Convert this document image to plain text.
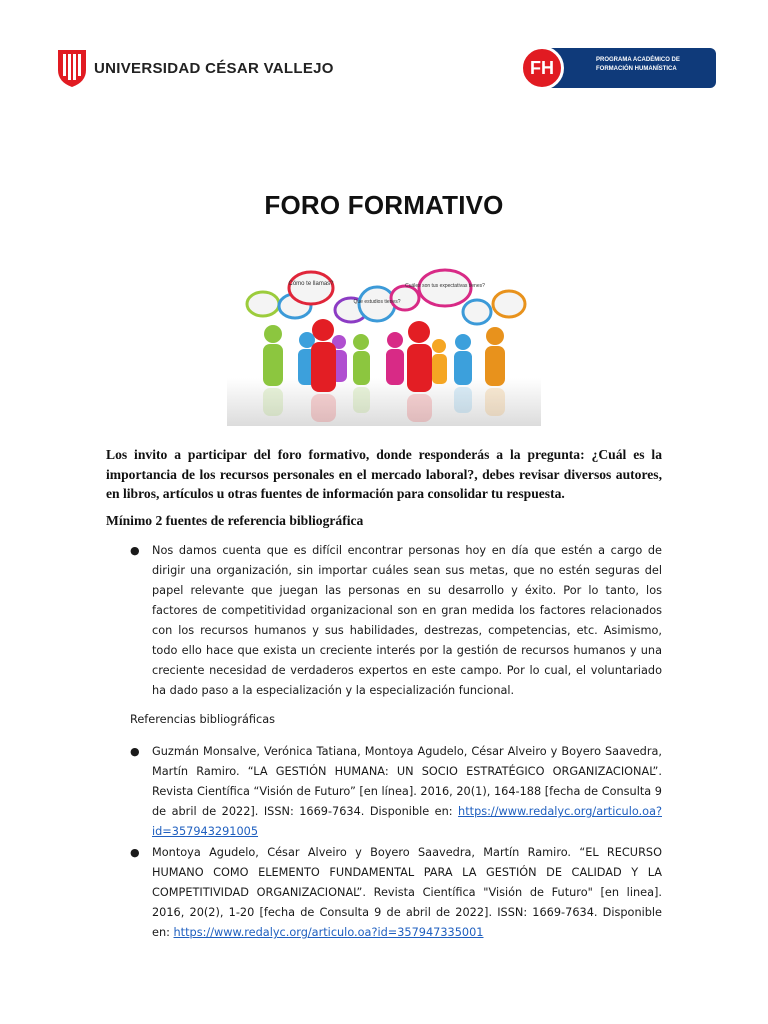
UNIVERSIDAD CÉSAR VALLEJO	FH	PROGRAMA ACADÉMICO DE
FORMACIÓN HUMANÍSTICA
FORO FORMATIVO
Cómo te llamas?
Que estudios tienes?
Cuáles son tus expectativas tienes?
Los invito a participar del foro formativo, donde responderás a la pregunta: ¿Cuál es la importancia de los recursos personales en el mercado laboral?, debes revisar diversos autores, en libros, artículos u otras fuentes de información para consolidar tu respuesta.
Mínimo 2 fuentes de referencia bibliográfica
● Nos damos cuenta que es difícil encontrar personas hoy en día que estén a cargo de dirigir una organización, sin importar cuáles sean sus metas, que no estén seguras del papel relevante que juegan las personas en su desarrollo y éxito. Por lo tanto, los factores de competitividad organizacional son en gran medida los factores relacionados con los recursos humanos y sus habilidades, destrezas, competencias, etc. Asimismo, todo ello hace que exista un creciente interés por la gestión de recursos humanos y una creciente necesidad de verdaderos expertos en este campo. Por lo cual, el voluntariado ha dado paso a la especialización y la especialización funcional.
Referencias bibliográficas
● Guzmán Monsalve, Verónica Tatiana, Montoya Agudelo, César Alveiro y Boyero Saavedra, Martín Ramiro. “LA GESTIÓN HUMANA: UN SOCIO ESTRATÉGICO ORGANIZACIONAL”. Revista Científica “Visión de Futuro” [en línea]. 2016, 20(1), 164-188 [fecha de Consulta 9 de abril de 2022]. ISSN: 1669-7634. Disponible en: https://www.redalyc.org/articulo.oa?id=357943291005
● Montoya Agudelo, César Alveiro y Boyero Saavedra, Martín Ramiro. “EL RECURSO HUMANO COMO ELEMENTO FUNDAMENTAL PARA LA GESTIÓN DE CALIDAD Y LA COMPETITIVIDAD ORGANIZACIONAL”. Revista Científica "Visión de Futuro" [en linea]. 2016, 20(2), 1-20 [fecha de Consulta 9 de abril de 2022]. ISSN: 1669-7634. Disponible en: https://www.redalyc.org/articulo.oa?id=357947335001
